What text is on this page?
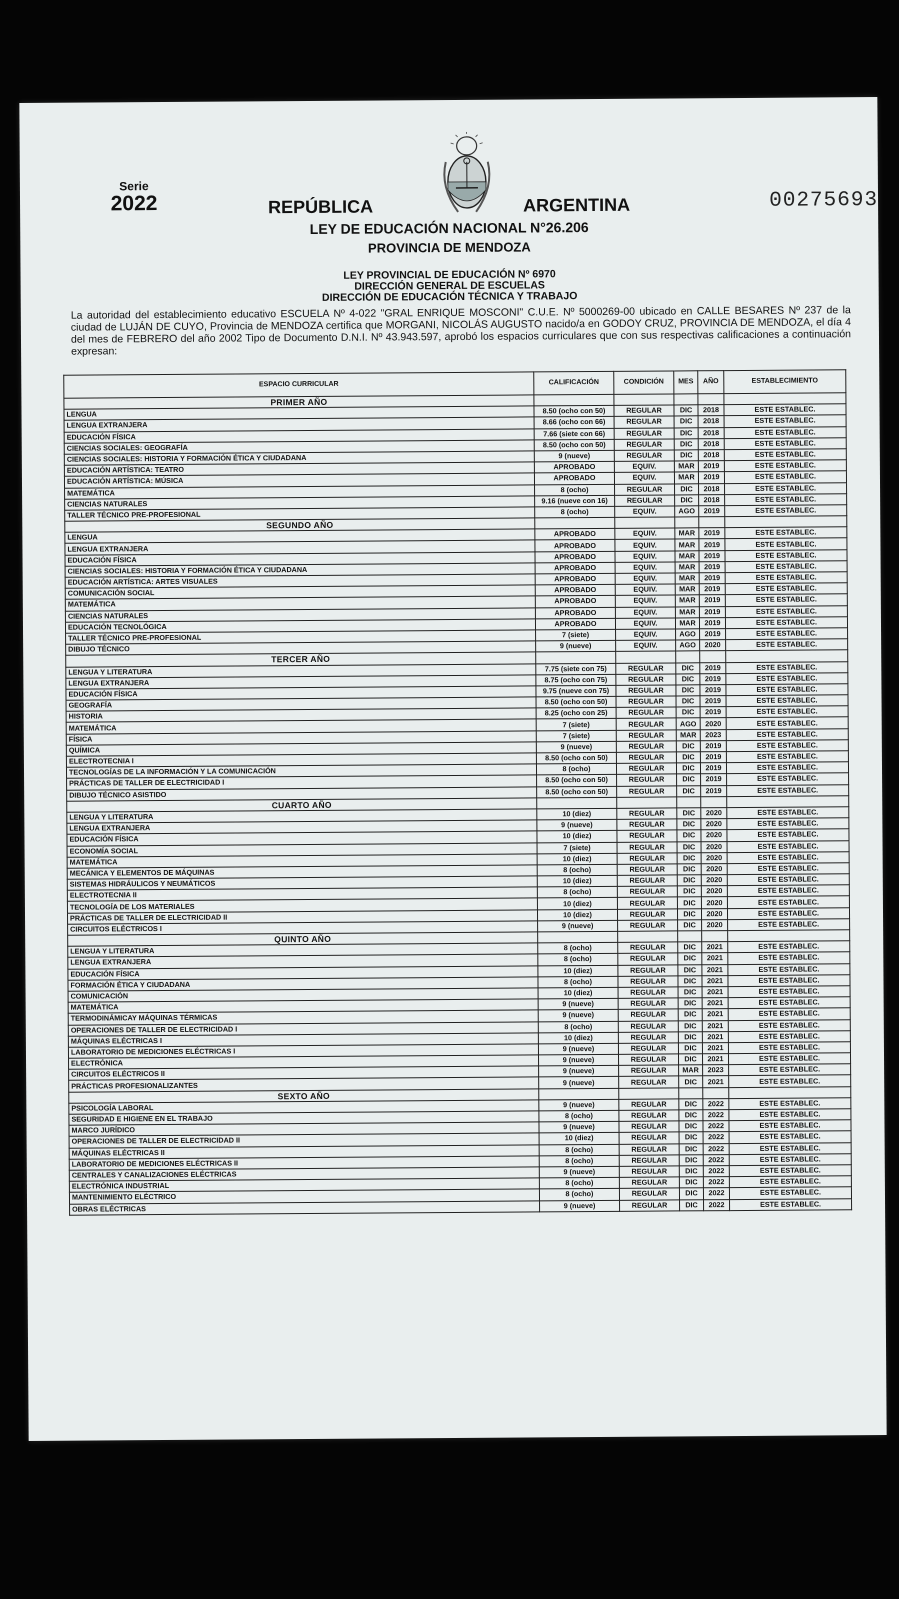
Serie
2022	00275693
REPÚBLICA	ARGENTINA
LEY DE EDUCACIÓN NACIONAL N°26.206
PROVINCIA DE MENDOZA
LEY PROVINCIAL DE EDUCACIÓN Nº 6970
DIRECCIÓN GENERAL DE ESCUELAS
DIRECCIÓN DE EDUCACIÓN TÉCNICA Y TRABAJO
La autoridad del establecimiento educativo ESCUELA Nº 4-022 "GRAL ENRIQUE MOSCONI" C.U.E. Nº 5000269-00 ubicado en CALLE BESARES Nº 237 de la ciudad de LUJÁN DE CUYO, Provincia de MENDOZA certifica que MORGANI, NICOLÁS AUGUSTO nacido/a en GODOY CRUZ, PROVINCIA DE MENDOZA, el día 4 del mes de FEBRERO del año 2002 Tipo de Documento D.N.I. Nº 43.943.597, aprobó los espacios curriculares que con sus respectivas calificaciones a continuación expresan:
ESPACIO CURRICULAR	CALIFICACIÓN	CONDICIÓN	MES	AÑO	ESTABLECIMIENTO
PRIMER AÑO					
LENGUA	8.50 (ocho con 50)	REGULAR	DIC	2018	ESTE ESTABLEC.
LENGUA EXTRANJERA	8.66 (ocho con 66)	REGULAR	DIC	2018	ESTE ESTABLEC.
EDUCACIÓN FÍSICA	7.66 (siete con 66)	REGULAR	DIC	2018	ESTE ESTABLEC.
CIENCIAS SOCIALES: GEOGRAFÍA	8.50 (ocho con 50)	REGULAR	DIC	2018	ESTE ESTABLEC.
CIENCIAS SOCIALES: HISTORIA Y FORMACIÓN ÉTICA Y CIUDADANA	9 (nueve)	REGULAR	DIC	2018	ESTE ESTABLEC.
EDUCACIÓN ARTÍSTICA: TEATRO	APROBADO	EQUIV.	MAR	2019	ESTE ESTABLEC.
EDUCACIÓN ARTÍSTICA: MÚSICA	APROBADO	EQUIV.	MAR	2019	ESTE ESTABLEC.
MATEMÁTICA	8 (ocho)	REGULAR	DIC	2018	ESTE ESTABLEC.
CIENCIAS NATURALES	9.16 (nueve con 16)	REGULAR	DIC	2018	ESTE ESTABLEC.
TALLER TÉCNICO PRE-PROFESIONAL	8 (ocho)	EQUIV.	AGO	2019	ESTE ESTABLEC.
SEGUNDO AÑO					
LENGUA	APROBADO	EQUIV.	MAR	2019	ESTE ESTABLEC.
LENGUA EXTRANJERA	APROBADO	EQUIV.	MAR	2019	ESTE ESTABLEC.
EDUCACIÓN FÍSICA	APROBADO	EQUIV.	MAR	2019	ESTE ESTABLEC.
CIENCIAS SOCIALES: HISTORIA Y FORMACIÓN ÉTICA Y CIUDADANA	APROBADO	EQUIV.	MAR	2019	ESTE ESTABLEC.
EDUCACIÓN ARTÍSTICA: ARTES VISUALES	APROBADO	EQUIV.	MAR	2019	ESTE ESTABLEC.
COMUNICACIÓN SOCIAL	APROBADO	EQUIV.	MAR	2019	ESTE ESTABLEC.
MATEMÁTICA	APROBADO	EQUIV.	MAR	2019	ESTE ESTABLEC.
CIENCIAS NATURALES	APROBADO	EQUIV.	MAR	2019	ESTE ESTABLEC.
EDUCACIÓN TECNOLÓGICA	APROBADO	EQUIV.	MAR	2019	ESTE ESTABLEC.
TALLER TÉCNICO PRE-PROFESIONAL	7 (siete)	EQUIV.	AGO	2019	ESTE ESTABLEC.
DIBUJO TÉCNICO	9 (nueve)	EQUIV.	AGO	2020	ESTE ESTABLEC.
TERCER AÑO					
LENGUA Y LITERATURA	7.75 (siete con 75)	REGULAR	DIC	2019	ESTE ESTABLEC.
LENGUA EXTRANJERA	8.75 (ocho con 75)	REGULAR	DIC	2019	ESTE ESTABLEC.
EDUCACIÓN FÍSICA	9.75 (nueve con 75)	REGULAR	DIC	2019	ESTE ESTABLEC.
GEOGRAFÍA	8.50 (ocho con 50)	REGULAR	DIC	2019	ESTE ESTABLEC.
HISTORIA	8.25 (ocho con 25)	REGULAR	DIC	2019	ESTE ESTABLEC.
MATEMÁTICA	7 (siete)	REGULAR	AGO	2020	ESTE ESTABLEC.
FÍSICA	7 (siete)	REGULAR	MAR	2023	ESTE ESTABLEC.
QUÍMICA	9 (nueve)	REGULAR	DIC	2019	ESTE ESTABLEC.
ELECTROTECNIA I	8.50 (ocho con 50)	REGULAR	DIC	2019	ESTE ESTABLEC.
TECNOLOGÍAS DE LA INFORMACIÓN Y LA COMUNICACIÓN	8 (ocho)	REGULAR	DIC	2019	ESTE ESTABLEC.
PRÁCTICAS DE TALLER DE ELECTRICIDAD I	8.50 (ocho con 50)	REGULAR	DIC	2019	ESTE ESTABLEC.
DIBUJO TÉCNICO ASISTIDO	8.50 (ocho con 50)	REGULAR	DIC	2019	ESTE ESTABLEC.
CUARTO AÑO					
LENGUA Y LITERATURA	10 (diez)	REGULAR	DIC	2020	ESTE ESTABLEC.
LENGUA EXTRANJERA	9 (nueve)	REGULAR	DIC	2020	ESTE ESTABLEC.
EDUCACIÓN FÍSICA	10 (diez)	REGULAR	DIC	2020	ESTE ESTABLEC.
ECONOMÍA SOCIAL	7 (siete)	REGULAR	DIC	2020	ESTE ESTABLEC.
MATEMÁTICA	10 (diez)	REGULAR	DIC	2020	ESTE ESTABLEC.
MECÁNICA Y ELEMENTOS DE MÁQUINAS	8 (ocho)	REGULAR	DIC	2020	ESTE ESTABLEC.
SISTEMAS HIDRÁULICOS Y NEUMÁTICOS	10 (diez)	REGULAR	DIC	2020	ESTE ESTABLEC.
ELECTROTECNIA II	8 (ocho)	REGULAR	DIC	2020	ESTE ESTABLEC.
TECNOLOGÍA DE LOS MATERIALES	10 (diez)	REGULAR	DIC	2020	ESTE ESTABLEC.
PRÁCTICAS DE TALLER DE ELECTRICIDAD II	10 (diez)	REGULAR	DIC	2020	ESTE ESTABLEC.
CIRCUITOS ELÉCTRICOS I	9 (nueve)	REGULAR	DIC	2020	ESTE ESTABLEC.
QUINTO AÑO					
LENGUA Y LITERATURA	8 (ocho)	REGULAR	DIC	2021	ESTE ESTABLEC.
LENGUA EXTRANJERA	8 (ocho)	REGULAR	DIC	2021	ESTE ESTABLEC.
EDUCACIÓN FÍSICA	10 (diez)	REGULAR	DIC	2021	ESTE ESTABLEC.
FORMACIÓN ÉTICA Y CIUDADANA	8 (ocho)	REGULAR	DIC	2021	ESTE ESTABLEC.
COMUNICACIÓN	10 (diez)	REGULAR	DIC	2021	ESTE ESTABLEC.
MATEMÁTICA	9 (nueve)	REGULAR	DIC	2021	ESTE ESTABLEC.
TERMODINÁMICAY MÁQUINAS TÉRMICAS	9 (nueve)	REGULAR	DIC	2021	ESTE ESTABLEC.
OPERACIONES DE TALLER DE ELECTRICIDAD I	8 (ocho)	REGULAR	DIC	2021	ESTE ESTABLEC.
MÁQUINAS ELÉCTRICAS I	10 (diez)	REGULAR	DIC	2021	ESTE ESTABLEC.
LABORATORIO DE MEDICIONES ELÉCTRICAS I	9 (nueve)	REGULAR	DIC	2021	ESTE ESTABLEC.
ELECTRÓNICA	9 (nueve)	REGULAR	DIC	2021	ESTE ESTABLEC.
CIRCUITOS ELÉCTRICOS II	9 (nueve)	REGULAR	MAR	2023	ESTE ESTABLEC.
PRÁCTICAS PROFESIONALIZANTES	9 (nueve)	REGULAR	DIC	2021	ESTE ESTABLEC.
SEXTO AÑO					
PSICOLOGÍA LABORAL	9 (nueve)	REGULAR	DIC	2022	ESTE ESTABLEC.
SEGURIDAD E HIGIENE EN EL TRABAJO	8 (ocho)	REGULAR	DIC	2022	ESTE ESTABLEC.
MARCO JURÍDICO	9 (nueve)	REGULAR	DIC	2022	ESTE ESTABLEC.
OPERACIONES DE TALLER DE ELECTRICIDAD II	10 (diez)	REGULAR	DIC	2022	ESTE ESTABLEC.
MÁQUINAS ELÉCTRICAS II	8 (ocho)	REGULAR	DIC	2022	ESTE ESTABLEC.
LABORATORIO DE MEDICIONES ELÉCTRICAS II	8 (ocho)	REGULAR	DIC	2022	ESTE ESTABLEC.
CENTRALES Y CANALIZACIONES ELÉCTRICAS	9 (nueve)	REGULAR	DIC	2022	ESTE ESTABLEC.
ELECTRÓNICA INDUSTRIAL	8 (ocho)	REGULAR	DIC	2022	ESTE ESTABLEC.
MANTENIMIENTO ELÉCTRICO	8 (ocho)	REGULAR	DIC	2022	ESTE ESTABLEC.
OBRAS ELÉCTRICAS	9 (nueve)	REGULAR	DIC	2022	ESTE ESTABLEC.
